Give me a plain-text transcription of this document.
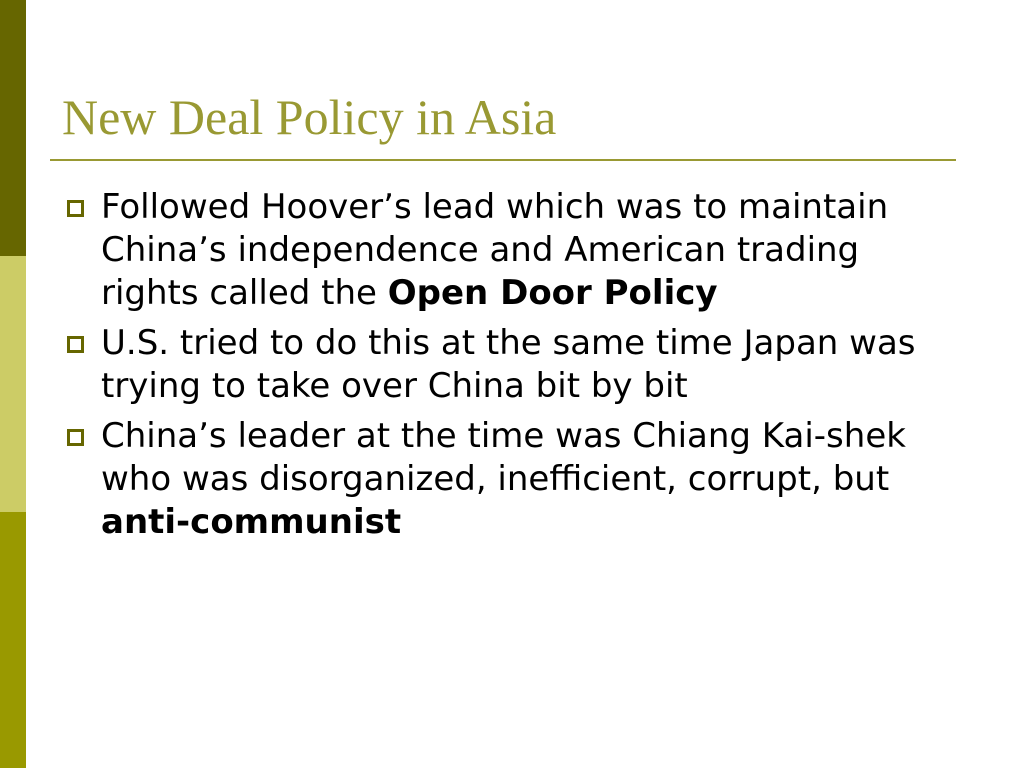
New Deal Policy in Asia
Followed Hoover’s lead which was to maintain China’s independence and American trading rights called the Open Door Policy
U.S. tried to do this at the same time Japan was trying to take over China bit by bit
China’s leader at the time was Chiang Kai-shek who was disorganized, inefficient, corrupt, but anti-communist
